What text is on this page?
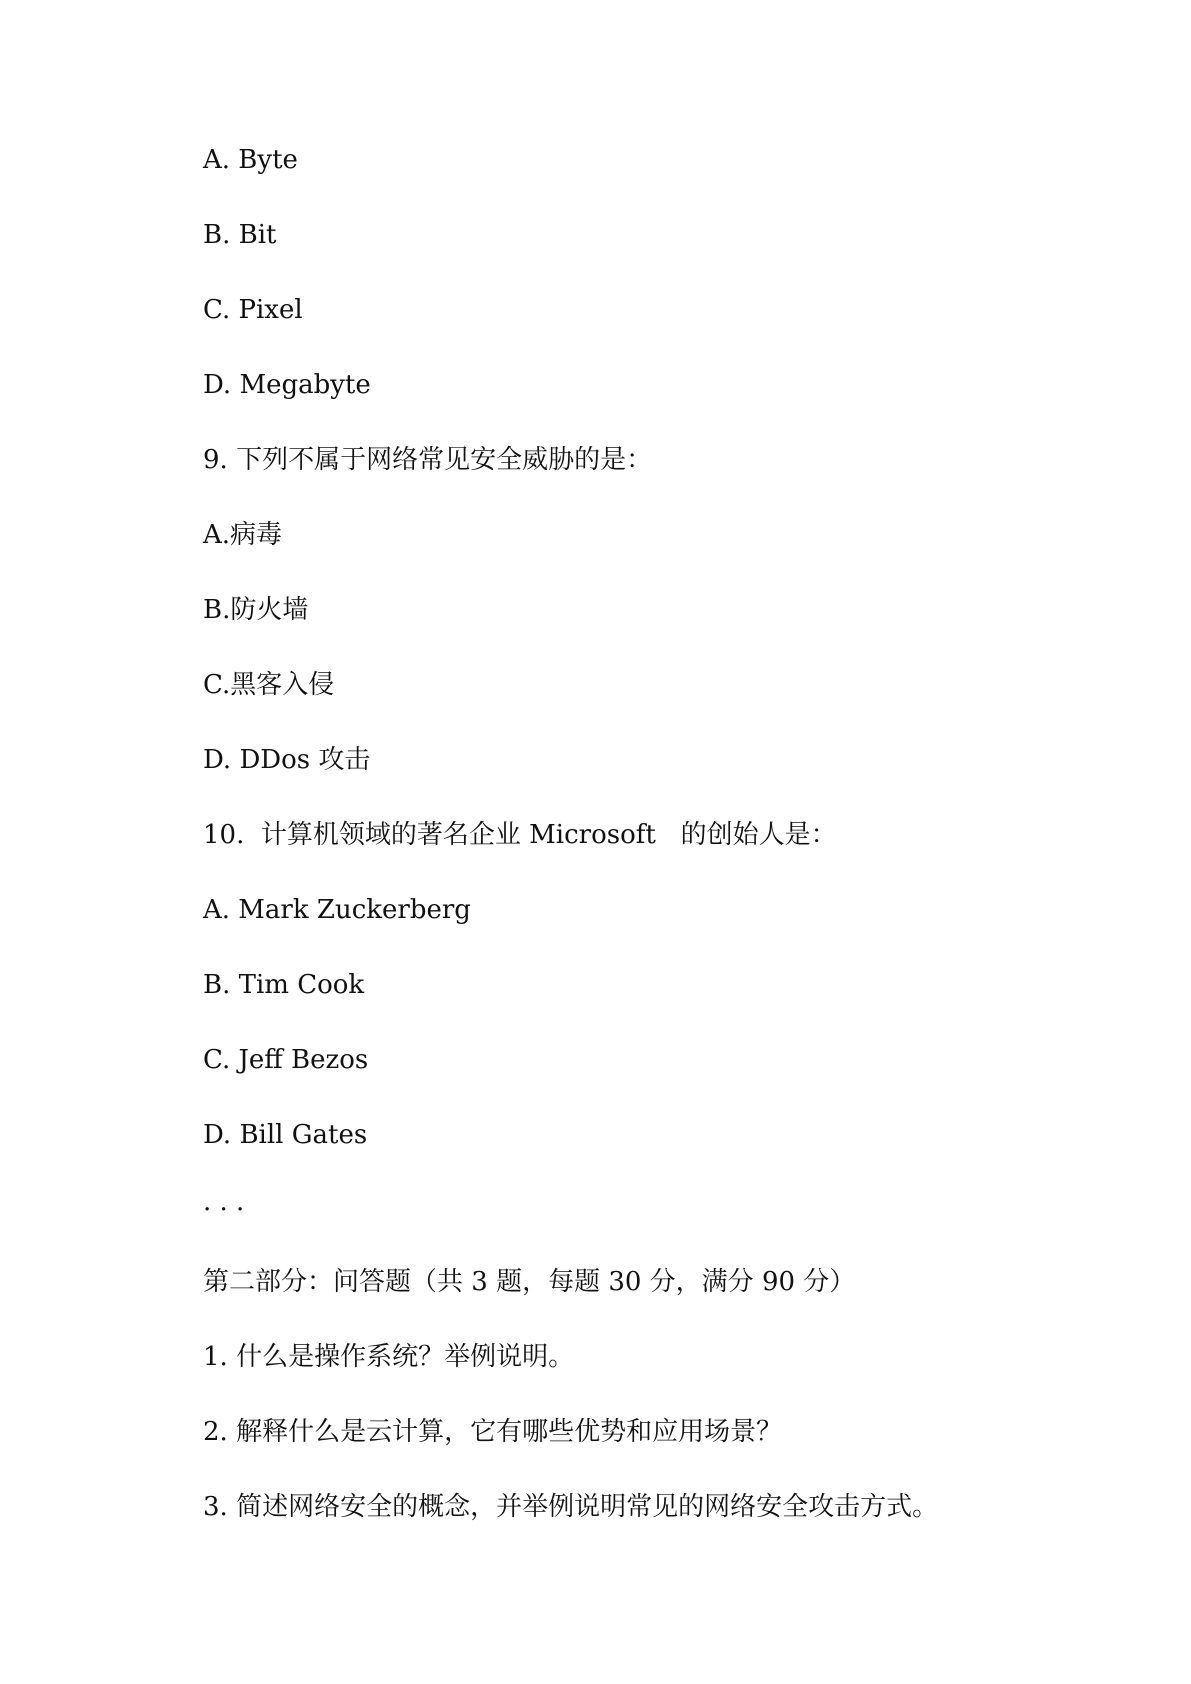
A. Byte

B. Bit

C. Pixel

D. Megabyte

9. 下列不属于网络常见安全威胁的是：

A.病毒

B.防火墙

C.黑客入侵

D. DDos 攻击

10.  计算机领域的著名企业 Microsoft   的创始人是：

A. Mark Zuckerberg

B. Tim Cook

C. Jeff Bezos

D. Bill Gates

· · ·

第二部分：问答题（共 3 题，每题 30 分，满分 90 分）

1. 什么是操作系统？举例说明。

2. 解释什么是云计算，它有哪些优势和应用场景？

3. 简述网络安全的概念，并举例说明常见的网络安全攻击方式。
